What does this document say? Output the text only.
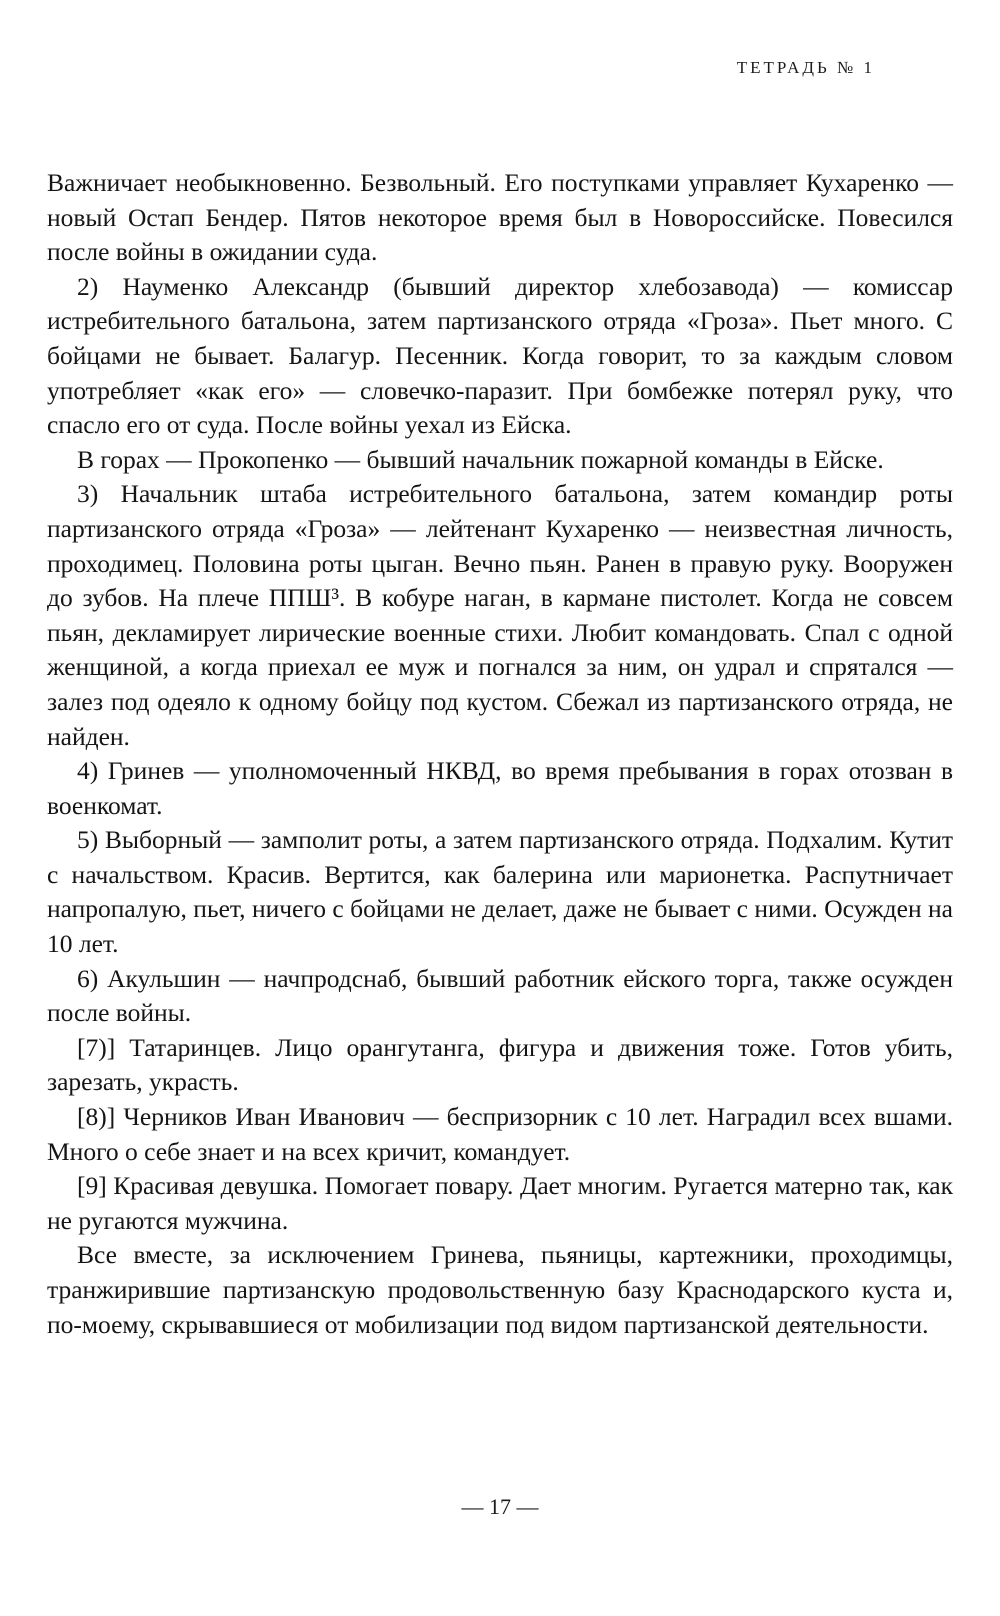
ТЕТРАДЬ № 1

Важничает необыкновенно. Безвольный. Его поступками управляет Кухаренко — новый Остап Бендер. Пятов некоторое время был в Новороссийске. Повесился после войны в ожидании суда.

2) Науменко Александр (бывший директор хлебозавода) — комиссар истребительного батальона, затем партизанского отряда «Гроза». Пьет много. С бойцами не бывает. Балагур. Песенник. Когда говорит, то за каждым словом употребляет «как его» — словечко-паразит. При бомбежке потерял руку, что спасло его от суда. После войны уехал из Ейска.

В горах — Прокопенко — бывший начальник пожарной команды в Ейске.

3) Начальник штаба истребительного батальона, затем командир роты партизанского отряда «Гроза» — лейтенант Кухаренко — неизвестная личность, проходимец. Половина роты цыган. Вечно пьян. Ранен в правую руку. Вооружен до зубов. На плече ППШ³. В кобуре наган, в кармане пистолет. Когда не совсем пьян, декламирует лирические военные стихи. Любит командовать. Спал с одной женщиной, а когда приехал ее муж и погнался за ним, он удрал и спрятался — залез под одеяло к одному бойцу под кустом. Сбежал из партизанского отряда, не найден.

4) Гринев — уполномоченный НКВД, во время пребывания в горах отозван в военкомат.

5) Выборный — замполит роты, а затем партизанского отряда. Подхалим. Кутит с начальством. Красив. Вертится, как балерина или марионетка. Распутничает напропалую, пьет, ничего с бойцами не делает, даже не бывает с ними. Осужден на 10 лет.

6) Акульшин — начпродснаб, бывший работник ейского торга, также осужден после войны.

[7)] Татаринцев. Лицо орангутанга, фигура и движения тоже. Готов убить, зарезать, украсть.

[8)] Черников Иван Иванович — беспризорник с 10 лет. Наградил всех вшами. Много о себе знает и на всех кричит, командует.

[9] Красивая девушка. Помогает повару. Дает многим. Ругается матерно так, как не ругаются мужчина.

Все вместе, за исключением Гринева, пьяницы, картежники, проходимцы, транжирившие партизанскую продовольственную базу Краснодарского куста и, по-моему, скрывавшиеся от мобилизации под видом партизанской деятельности.

— 17 —
